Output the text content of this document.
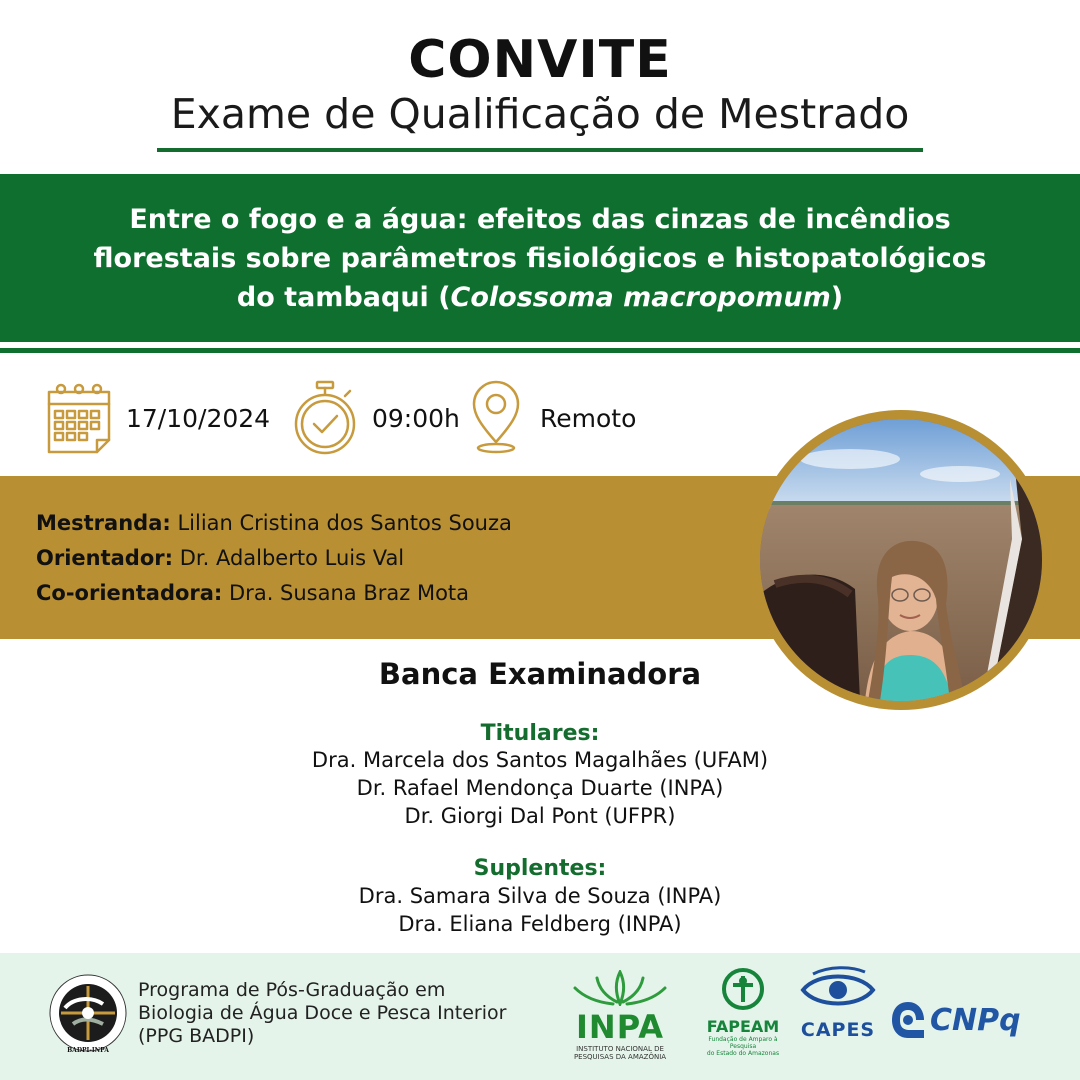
CONVITE
Exame de Qualificação de Mestrado
Entre o fogo e a água: efeitos das cinzas de incêndios
florestais sobre parâmetros fisiológicos e histopatológicos
do tambaqui (Colossoma macropomum)
17/10/2024	09:00h	Remoto
Mestranda: Lilian Cristina dos Santos Souza
Orientador: Dr. Adalberto Luis Val
Co-orientadora: Dra. Susana Braz Mota
Banca Examinadora
Titulares:
Dra. Marcela dos Santos Magalhães (UFAM)
Dr. Rafael Mendonça Duarte (INPA)
Dr. Giorgi Dal Pont (UFPR)
Suplentes:
Dra. Samara Silva de Souza (INPA)
Dra. Eliana Feldberg (INPA)
BADPI-INPA
Programa de Pós-Graduação em
Biologia de Água Doce e Pesca Interior
(PPG BADPI)	INPA
INSTITUTO NACIONAL DE
PESQUISAS DA AMAZÔNIA
FAPEAM
Fundação de Amparo à Pesquisa
do Estado do Amazonas
CAPES CNPq
